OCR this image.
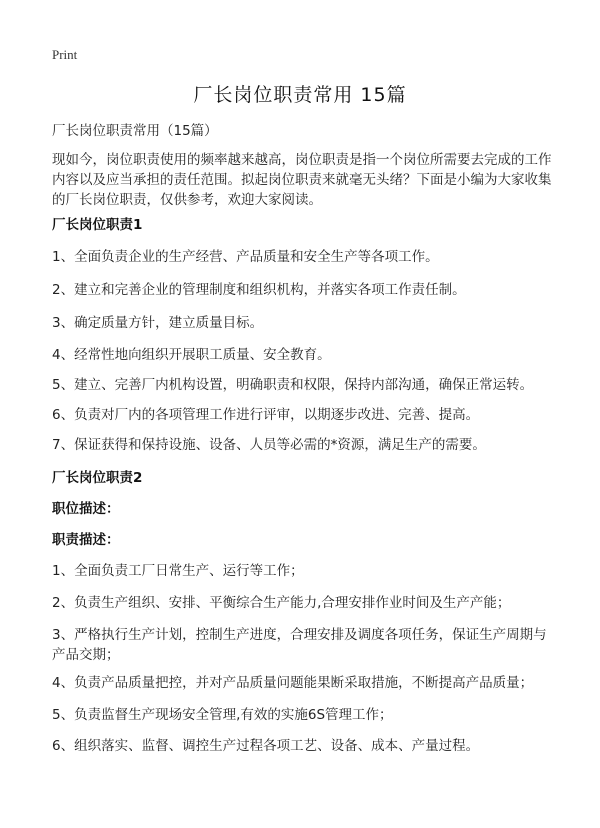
Print
厂长岗位职责常用 15篇
厂长岗位职责常用（15篇）
现如今，岗位职责使用的频率越来越高，岗位职责是指一个岗位所需要去完成的工作内容以及应当承担的责任范围。拟起岗位职责来就毫无头绪？下面是小编为大家收集的厂长岗位职责，仅供参考，欢迎大家阅读。
厂长岗位职责1
1、全面负责企业的生产经营、产品质量和安全生产等各项工作。
2、建立和完善企业的管理制度和组织机构，并落实各项工作责任制。
3、确定质量方针，建立质量目标。
4、经常性地向组织开展职工质量、安全教育。
5、建立、完善厂内机构设置，明确职责和权限，保持内部沟通，确保正常运转。
6、负责对厂内的各项管理工作进行评审，以期逐步改进、完善、提高。
7、保证获得和保持设施、设备、人员等必需的*资源，满足生产的需要。
厂长岗位职责2
职位描述：
职责描述：
1、全面负责工厂日常生产、运行等工作；
2、负责生产组织、安排、平衡综合生产能力,合理安排作业时间及生产产能；
3、严格执行生产计划，控制生产进度，合理安排及调度各项任务，保证生产周期与产品交期；
4、负责产品质量把控，并对产品质量问题能果断采取措施，不断提高产品质量；
5、负责监督生产现场安全管理,有效的实施6S管理工作；
6、组织落实、监督、调控生产过程各项工艺、设备、成本、产量过程。
